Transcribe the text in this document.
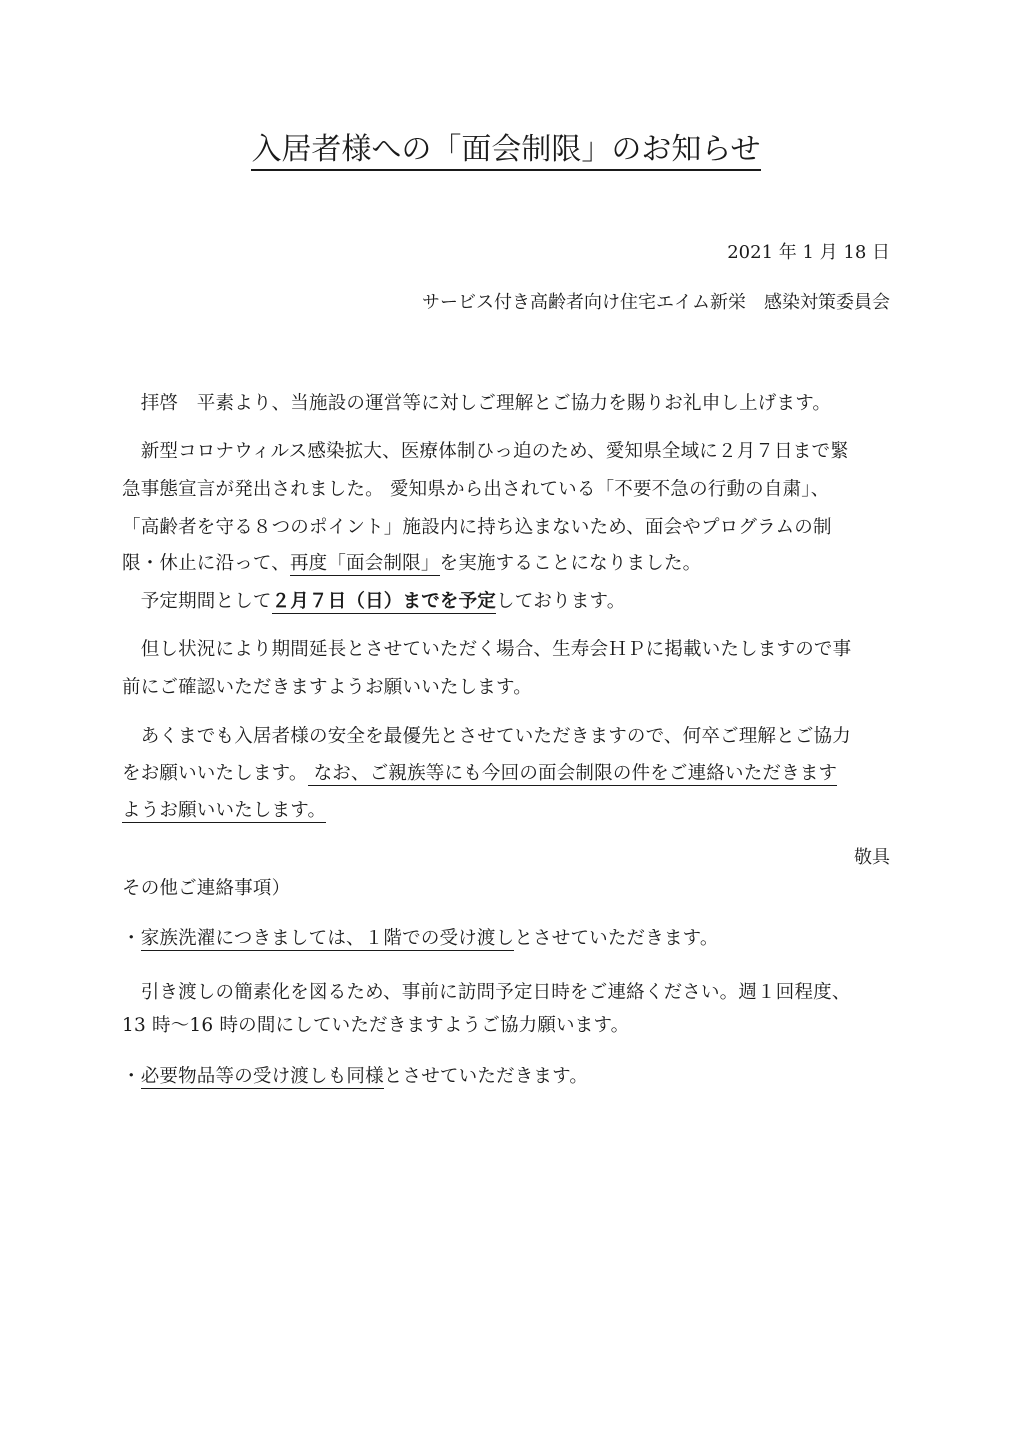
入居者様への「面会制限」のお知らせ
2021 年 1 月 18 日
サービス付き高齢者向け住宅エイム新栄　感染対策委員会
　拝啓　平素より、当施設の運営等に対しご理解とご協力を賜りお礼申し上げます。
　新型コロナウィルス感染拡大、医療体制ひっ迫のため、愛知県全域に２月７日まで緊
急事態宣言が発出されました。 愛知県から出されている「不要不急の行動の自粛」、
「高齢者を守る８つのポイント」施設内に持ち込まないため、面会やプログラムの制
限・休止に沿って、再度「面会制限」を実施することになりました。
　予定期間として２月７日（日）までを予定しております。
　但し状況により期間延長とさせていただく場合、生寿会ＨＰに掲載いたしますので事
前にご確認いただきますようお願いいたします。
　あくまでも入居者様の安全を最優先とさせていただきますので、何卒ご理解とご協力
をお願いいたします。 なお、ご親族等にも今回の面会制限の件をご連絡いただきます
ようお願いいたします。
敬具
その他ご連絡事項）
・家族洗濯につきましては、１階での受け渡しとさせていただきます。
　引き渡しの簡素化を図るため、事前に訪問予定日時をご連絡ください。週１回程度、
13 時～16 時の間にしていただきますようご協力願います。
・必要物品等の受け渡しも同様とさせていただきます。
